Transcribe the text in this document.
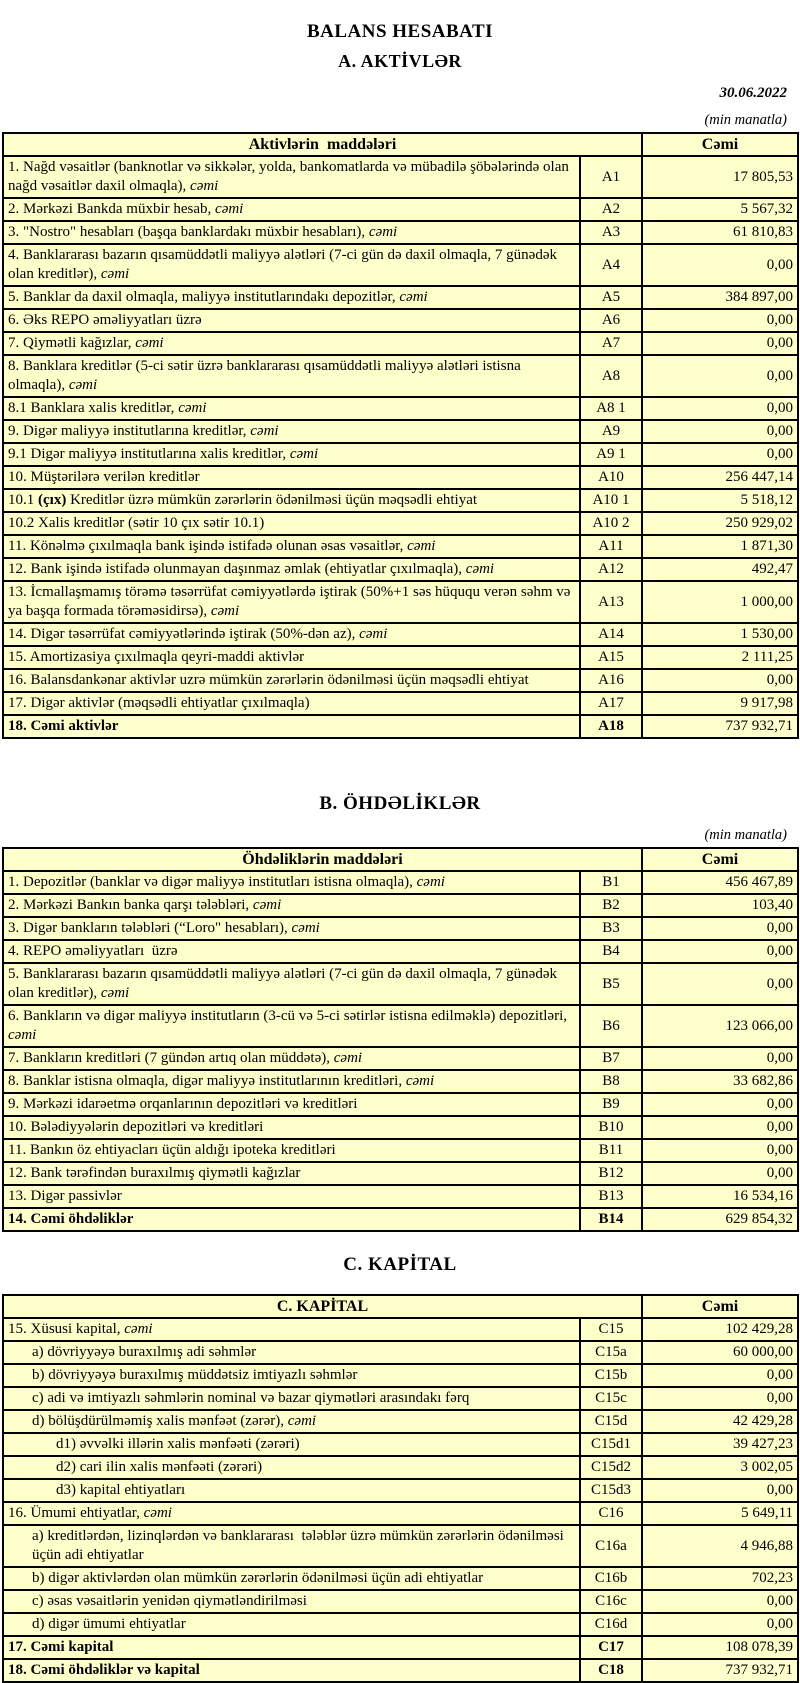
BALANS HESABATI
A. AKTİVLƏR
30.06.2022
(min manatla)
Aktivlərin  maddələri		Cəmi
1. Nağd vəsaitlər (banknotlar və sikkələr, yolda, bankomatlarda və mübadilə şöbələrində olan nağd vəsaitlər daxil olmaqla), cəmi	A1	17 805,53
2. Mərkəzi Bankda müxbir hesab, cəmi	A2	5 567,32
3. "Nostro" hesabları (başqa banklardakı müxbir hesabları), cəmi	A3	61 810,83
4. Banklararası bazarın qısamüddətli maliyyə alətləri (7-ci gün də daxil olmaqla, 7 günədək olan kreditlər), cəmi	A4	0,00
5. Banklar da daxil olmaqla, maliyyə institutlarındakı depozitlər, cəmi	A5	384 897,00
6. Əks REPO əməliyyatları üzrə	A6	0,00
7. Qiymətli kağızlar, cəmi	A7	0,00
8. Banklara kreditlər (5-ci sətir üzrə banklararası qısamüddətli maliyyə alətləri istisna olmaqla), cəmi	A8	0,00
8.1 Banklara xalis kreditlər, cəmi	A8 1	0,00
9. Digər maliyyə institutlarına kreditlər, cəmi	A9	0,00
9.1 Digər maliyyə institutlarına xalis kreditlər, cəmi	A9 1	0,00
10. Müştərilərə verilən kreditlər	A10	256 447,14
10.1 (çıx) Kreditlər üzrə mümkün zərərlərin ödənilməsi üçün məqsədli ehtiyat	A10 1	5 518,12
10.2 Xalis kreditlər (sətir 10 çıx sətir 10.1)	A10 2	250 929,02
11. Könəlmə çıxılmaqla bank işində istifadə olunan əsas vəsaitlər, cəmi	A11	1 871,30
12. Bank işində istifadə olunmayan daşınmaz əmlak (ehtiyatlar çıxılmaqla), cəmi	A12	492,47
13. İcmallaşmamış törəmə təsərrüfat cəmiyyətlərdə iştirak (50%+1 səs hüququ verən səhm və ya başqa formada törəməsidirsə), cəmi	A13	1 000,00
14. Digər təsərrüfat cəmiyyətlərində iştirak (50%-dən az), cəmi	A14	1 530,00
15. Amortizasiya çıxılmaqla qeyri-maddi aktivlər	A15	2 111,25
16. Balansdankənar aktivlər uzrə mümkün zərərlərin ödənilməsi üçün məqsədli ehtiyat	A16	0,00
17. Digər aktivlər (məqsədli ehtiyatlar çıxılmaqla)	A17	9 917,98
18. Cəmi aktivlər	A18	737 932,71
B. ÖHDƏLİKLƏR
(min manatla)
Öhdəliklərin maddələri		Cəmi
1. Depozitlər (banklar və digər maliyyə institutları istisna olmaqla), cəmi	B1	456 467,89
2. Mərkəzi Bankın banka qarşı tələbləri, cəmi	B2	103,40
3. Digər bankların tələbləri (“Loro" hesabları), cəmi	B3	0,00
4. REPO əməliyyatları  üzrə	B4	0,00
5. Banklararası bazarın qısamüddətli maliyyə alətləri (7-ci gün də daxil olmaqla, 7 günədək olan kreditlər), cəmi	B5	0,00
6. Bankların və digər maliyyə institutların (3-cü və 5-ci sətirlər istisna edilməklə) depozitləri, cəmi	B6	123 066,00
7. Bankların kreditləri (7 gündən artıq olan müddətə), cəmi	B7	0,00
8. Banklar istisna olmaqla, digər maliyyə institutlarının kreditləri, cəmi	B8	33 682,86
9. Mərkəzi idarəetmə orqanlarının depozitləri və kreditləri	B9	0,00
10. Bələdiyyələrin depozitləri və kreditləri	B10	0,00
11. Bankın öz ehtiyacları üçün aldığı ipoteka kreditləri	B11	0,00
12. Bank tərəfindən buraxılmış qiymətli kağızlar	B12	0,00
13. Digər passivlər	B13	16 534,16
14. Cəmi öhdəliklər	B14	629 854,32
C. KAPİTAL
C. KAPİTAL		Cəmi
15. Xüsusi kapital, cəmi	C15	102 429,28
a) dövriyyəyə buraxılmış adi səhmlər	C15a	60 000,00
b) dövriyyəyə buraxılmış müddətsiz imtiyazlı səhmlər	C15b	0,00
c) adi və imtiyazlı səhmlərin nominal və bazar qiymətləri arasındakı fərq	C15c	0,00
d) bölüşdürülməmiş xalis mənfəət (zərər), cəmi	C15d	42 429,28
d1) əvvəlki illərin xalis mənfəəti (zərəri)	C15d1	39 427,23
d2) cari ilin xalis mənfəəti (zərəri)	C15d2	3 002,05
d3) kapital ehtiyatları	C15d3	0,00
16. Ümumi ehtiyatlar, cəmi	C16	5 649,11
a) kreditlərdən, lizinqlərdən və banklararası  tələblər üzrə mümkün zərərlərin ödənilməsi üçün adi ehtiyatlar	C16a	4 946,88
b) digər aktivlərdən olan mümkün zərərlərin ödənilməsi üçün adi ehtiyatlar	C16b	702,23
c) əsas vəsaitlərin yenidən qiymətləndirilməsi	C16c	0,00
d) digər ümumi ehtiyatlar	C16d	0,00
17. Cəmi kapital	C17	108 078,39
18. Cəmi öhdəliklər və kapital	C18	737 932,71
